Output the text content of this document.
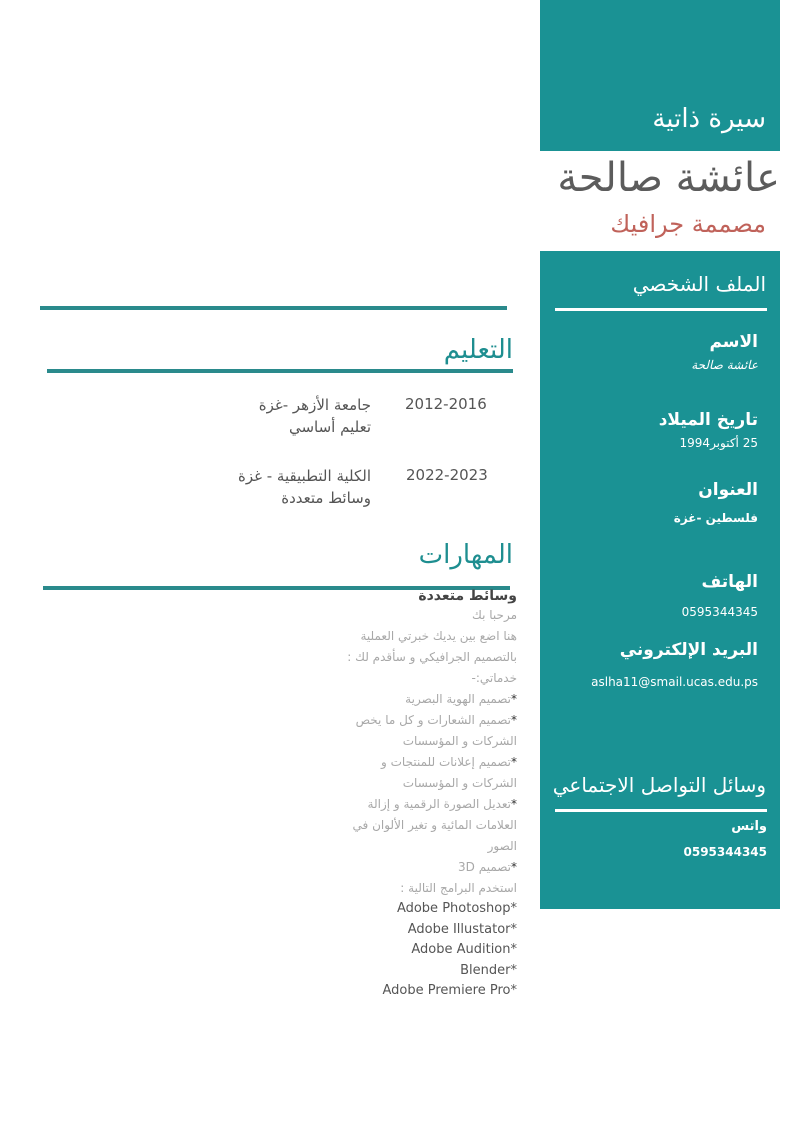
سيرة ذاتية
عائشة صالحة
مصممة جرافيك
الملف الشخصي
الاسم
عائشة صالحة
تاريخ الميلاد
25 أكتوبر1994
العنوان
فلسطين -غزة
الهاتف
0595344345
البريد الإلكتروني
aslha11@smail.ucas.edu.ps
وسائل التواصل الاجتماعي
واتس
0595344345
التعليم
2012-2016
جامعة الأزهر -غزة
تعليم أساسي
2022-2023
الكلية التطبيقية - غزة
وسائط متعددة
المهارات
وسائط متعددة
مرحبا بك
هنا اضع بين يديك خبرتي العملية
بالتصميم الجرافيكي و سأقدم لك :
خدماتي:-
*تصميم الهوية البصرية
*تصميم الشعارات و كل ما يخص
الشركات و المؤسسات
*تصميم إعلانات للمنتجات و
الشركات و المؤسسات
*تعديل الصورة الرقمية و إزالة
العلامات المائية و تغير الألوان في
الصور
*تصميم 3D
استخدم البرامج التالية :
Adobe Photoshop*
Adobe Illustator*
Adobe Audition*
Blender*
Adobe Premiere Pro*
